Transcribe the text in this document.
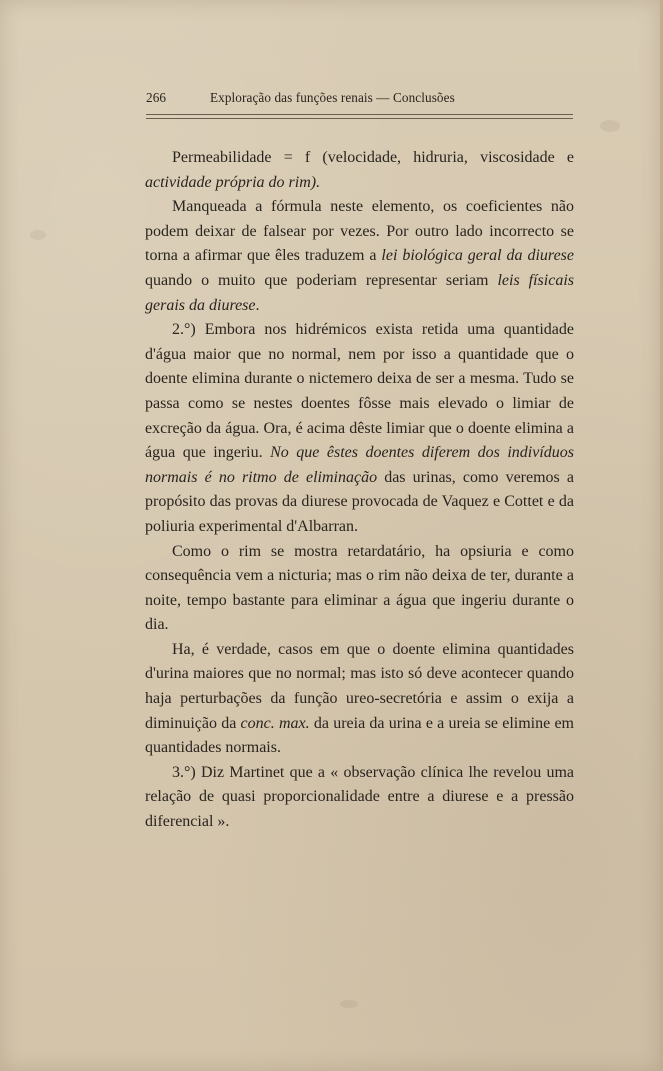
266	Exploração das funções renais — Conclusões

Permeabilidade = f (velocidade, hidruria, viscosidade e actividade própria do rim).

Manqueada a fórmula neste elemento, os coeficientes não podem deixar de falsear por vezes. Por outro lado incorrecto se torna a afirmar que êles traduzem a lei biológica geral da diurese quando o muito que poderiam representar seriam leis físicais gerais da diurese.

2.°) Embora nos hidrémicos exista retida uma quantidade d'água maior que no normal, nem por isso a quantidade que o doente elimina durante o nictemero deixa de ser a mesma. Tudo se passa como se nestes doentes fôsse mais elevado o limiar de excreção da água. Ora, é acima dêste limiar que o doente elimina a água que ingeriu. No que êstes doentes diferem dos indivíduos normais é no ritmo de eliminação das urinas, como veremos a propósito das provas da diurese provocada de Vaquez e Cottet e da poliuria experimental d'Albarran.

Como o rim se mostra retardatário, ha opsiuria e como consequência vem a nicturia; mas o rim não deixa de ter, durante a noite, tempo bastante para eliminar a água que ingeriu durante o dia.

Ha, é verdade, casos em que o doente elimina quantidades d'urina maiores que no normal; mas isto só deve acontecer quando haja perturbações da função ureo-secretória e assim o exija a diminuição da conc. max. da ureia da urina e a ureia se elimine em quantidades normais.

3.°) Diz Martinet que a « observação clínica lhe revelou uma relação de quasi proporcionalidade entre a diurese e a pressão diferencial ».
